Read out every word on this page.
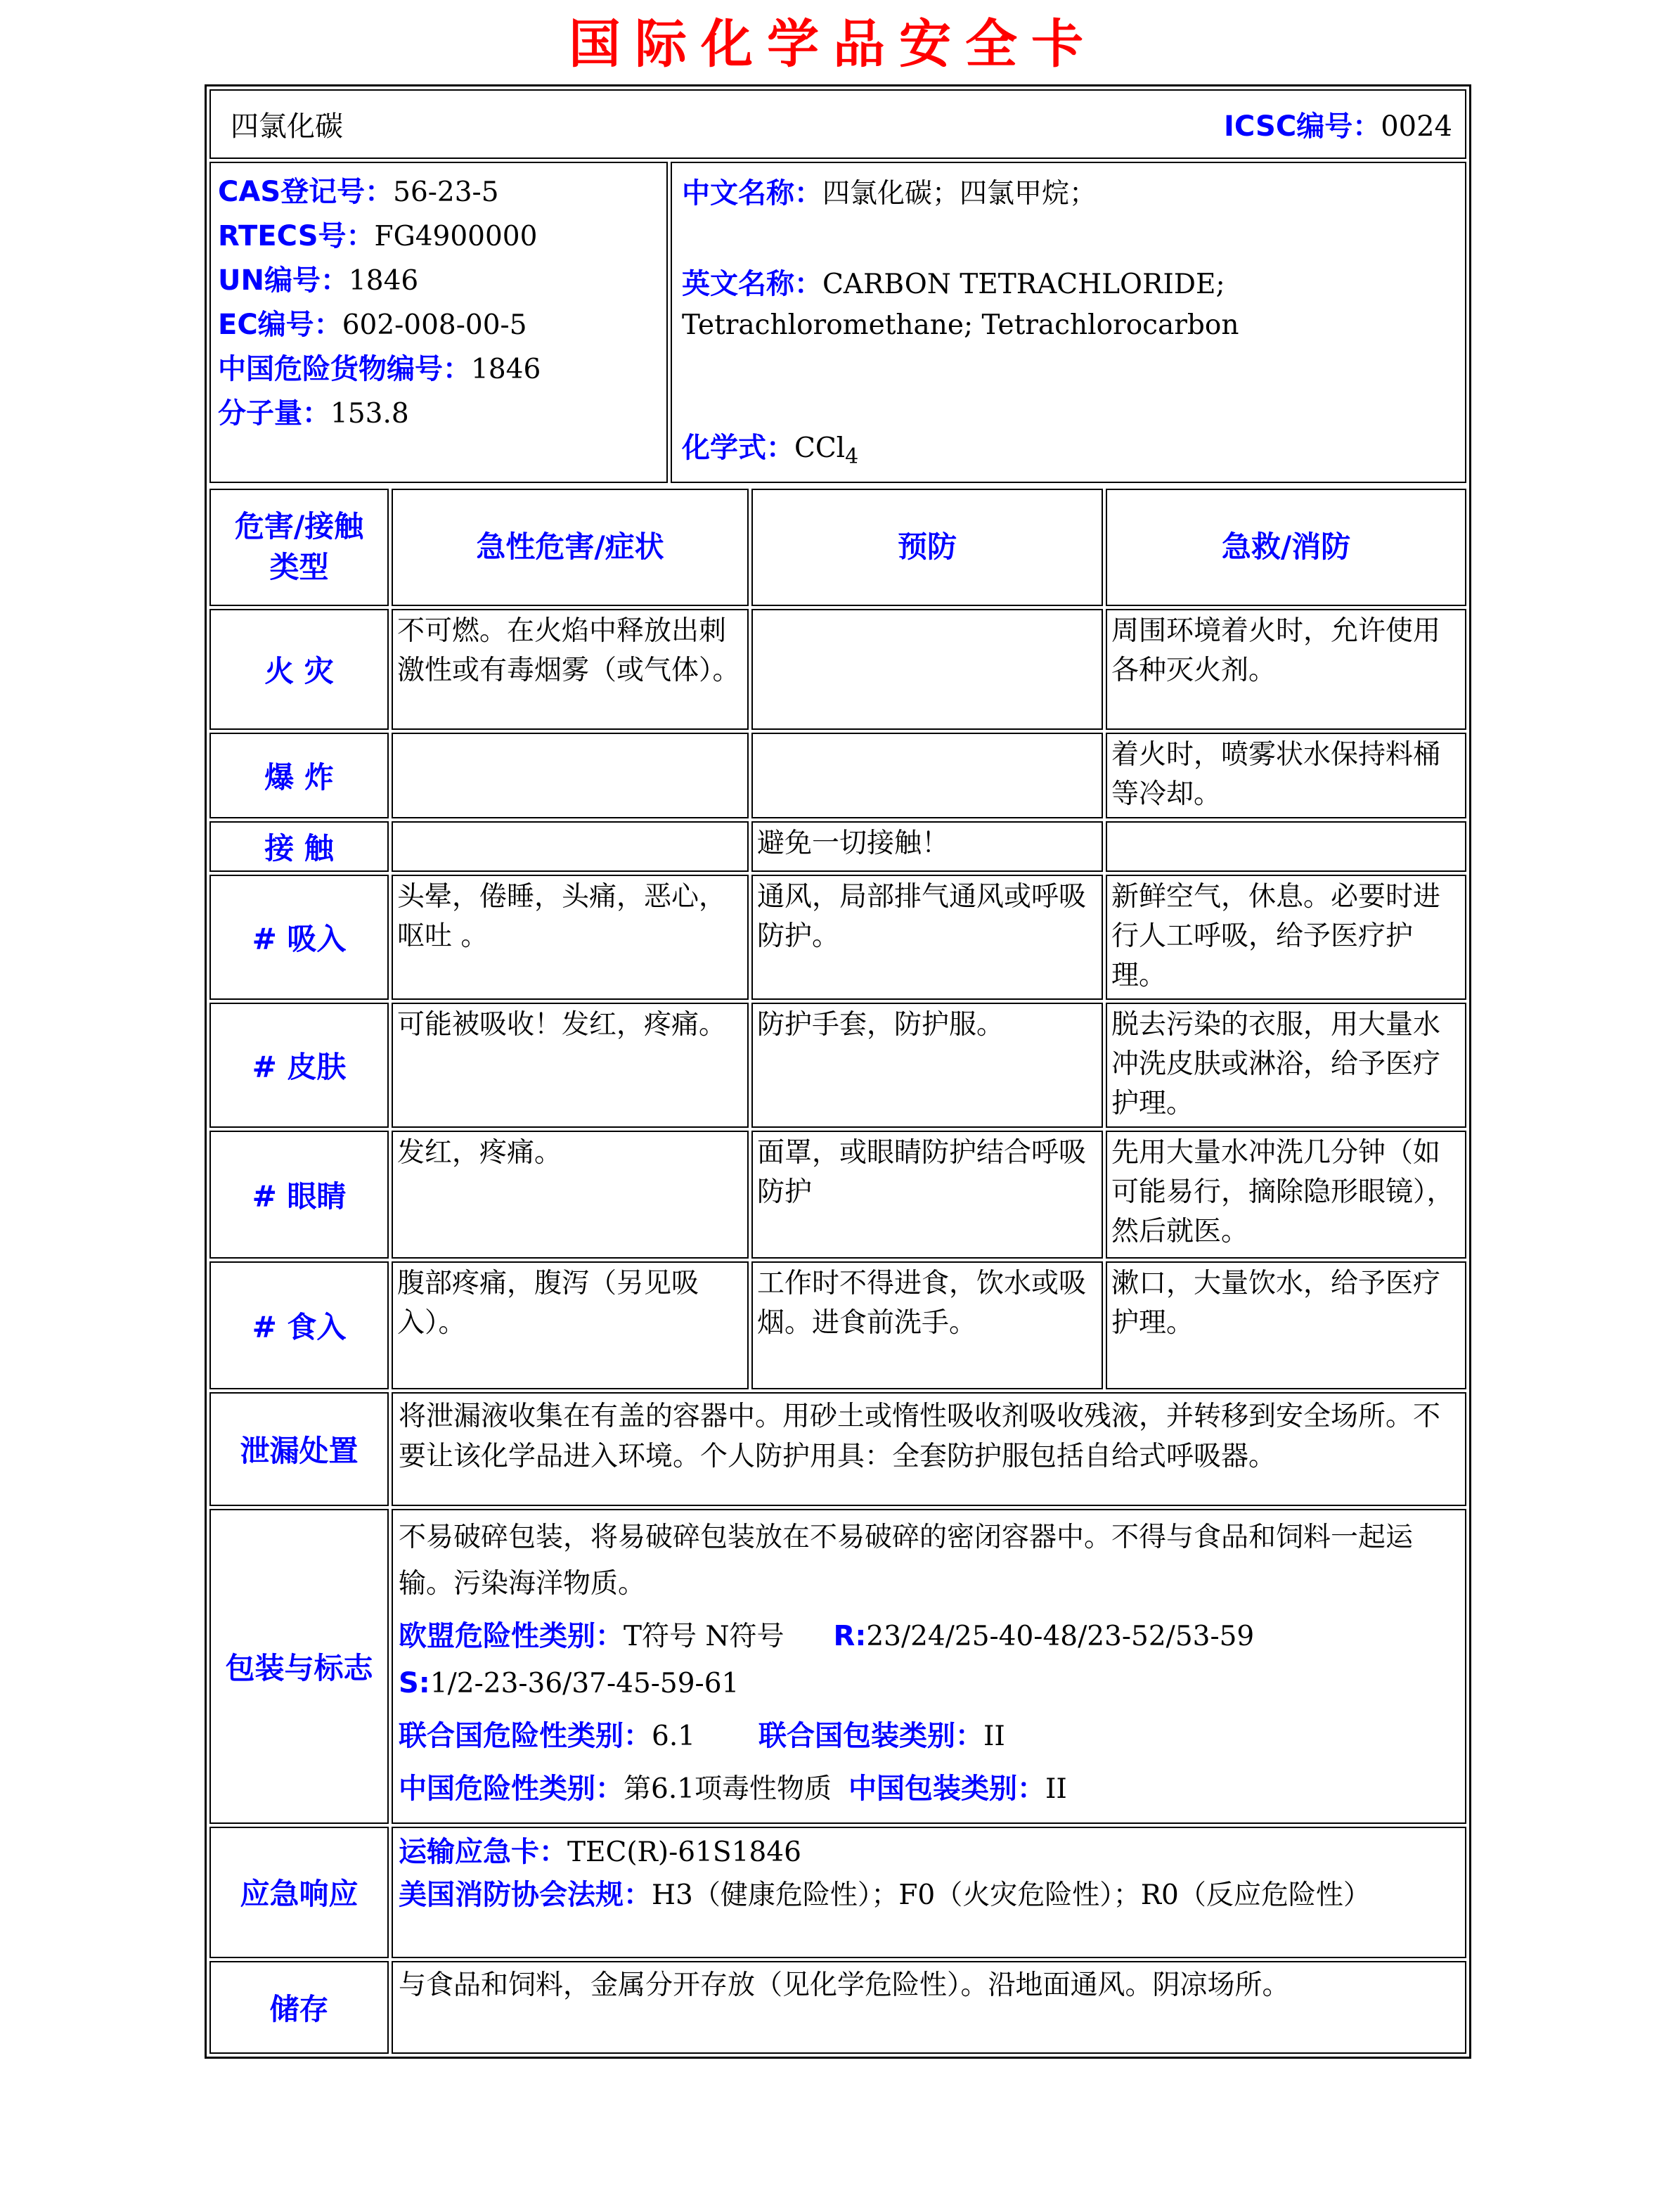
国际化学品安全卡
四氯化碳	ICSC编号：0024

CAS登记号：56-23-5
RTECS号：FG4900000
UN编号：1846
EC编号：602-008-00-5
中国危险货物编号：1846
分子量：153.8

中文名称：四氯化碳；四氯甲烷；

英文名称：CARBON TETRACHLORIDE;
Tetrachloromethane; Tetrachlorocarbon

化学式：CCl$_4$

危害/接触
类型	急性危害/症状	预防	急救/消防
火 灾	不可燃。在火焰中释放出刺激性或有毒烟雾（或气体）。		周围环境着火时，允许使用各种灭火剂。
爆 炸			着火时，喷雾状水保持料桶等冷却。
接 触		避免一切接触！	
# 吸入	头晕，倦睡，头痛，恶心，呕吐 。	通风，局部排气通风或呼吸防护。	新鲜空气，休息。必要时进行人工呼吸，给予医疗护理。
# 皮肤	可能被吸收！发红，疼痛。	防护手套，防护服。	脱去污染的衣服，用大量水冲洗皮肤或淋浴，给予医疗护理。
# 眼睛	发红，疼痛。	面罩，或眼睛防护结合呼吸防护	先用大量水冲洗几分钟（如可能易行，摘除隐形眼镜），然后就医。
# 食入	腹部疼痛，腹泻（另见吸入）。	工作时不得进食，饮水或吸烟。进食前洗手。	漱口，大量饮水，给予医疗护理。
泄漏处置	将泄漏液收集在有盖的容器中。用砂土或惰性吸收剂吸收残液，并转移到安全场所。不要让该化学品进入环境。个人防护用具：全套防护服包括自给式呼吸器。		
包装与标志	不易破碎包装，将易破碎包装放在不易破碎的密闭容器中。不得与食品和饲料一起运输。污染海洋物质。

欧盟危险性类别：T符号 N符号 R:23/24/25-40-48/23-52/53-59
S:1/2-23-36/37-45-59-61

联合国危险性类别：6.1 联合国包装类别：II

中国危险性类别：第6.1项毒性物质 中国包装类别：II		

应急响应	运输应急卡：TEC(R)-61S1846

美国消防协会法规：H3（健康危险性）；F0（火灾危险性）；R0（反应危险性）		

储存	与食品和饲料，金属分开存放（见化学危险性）。沿地面通风。阴凉场所。		
